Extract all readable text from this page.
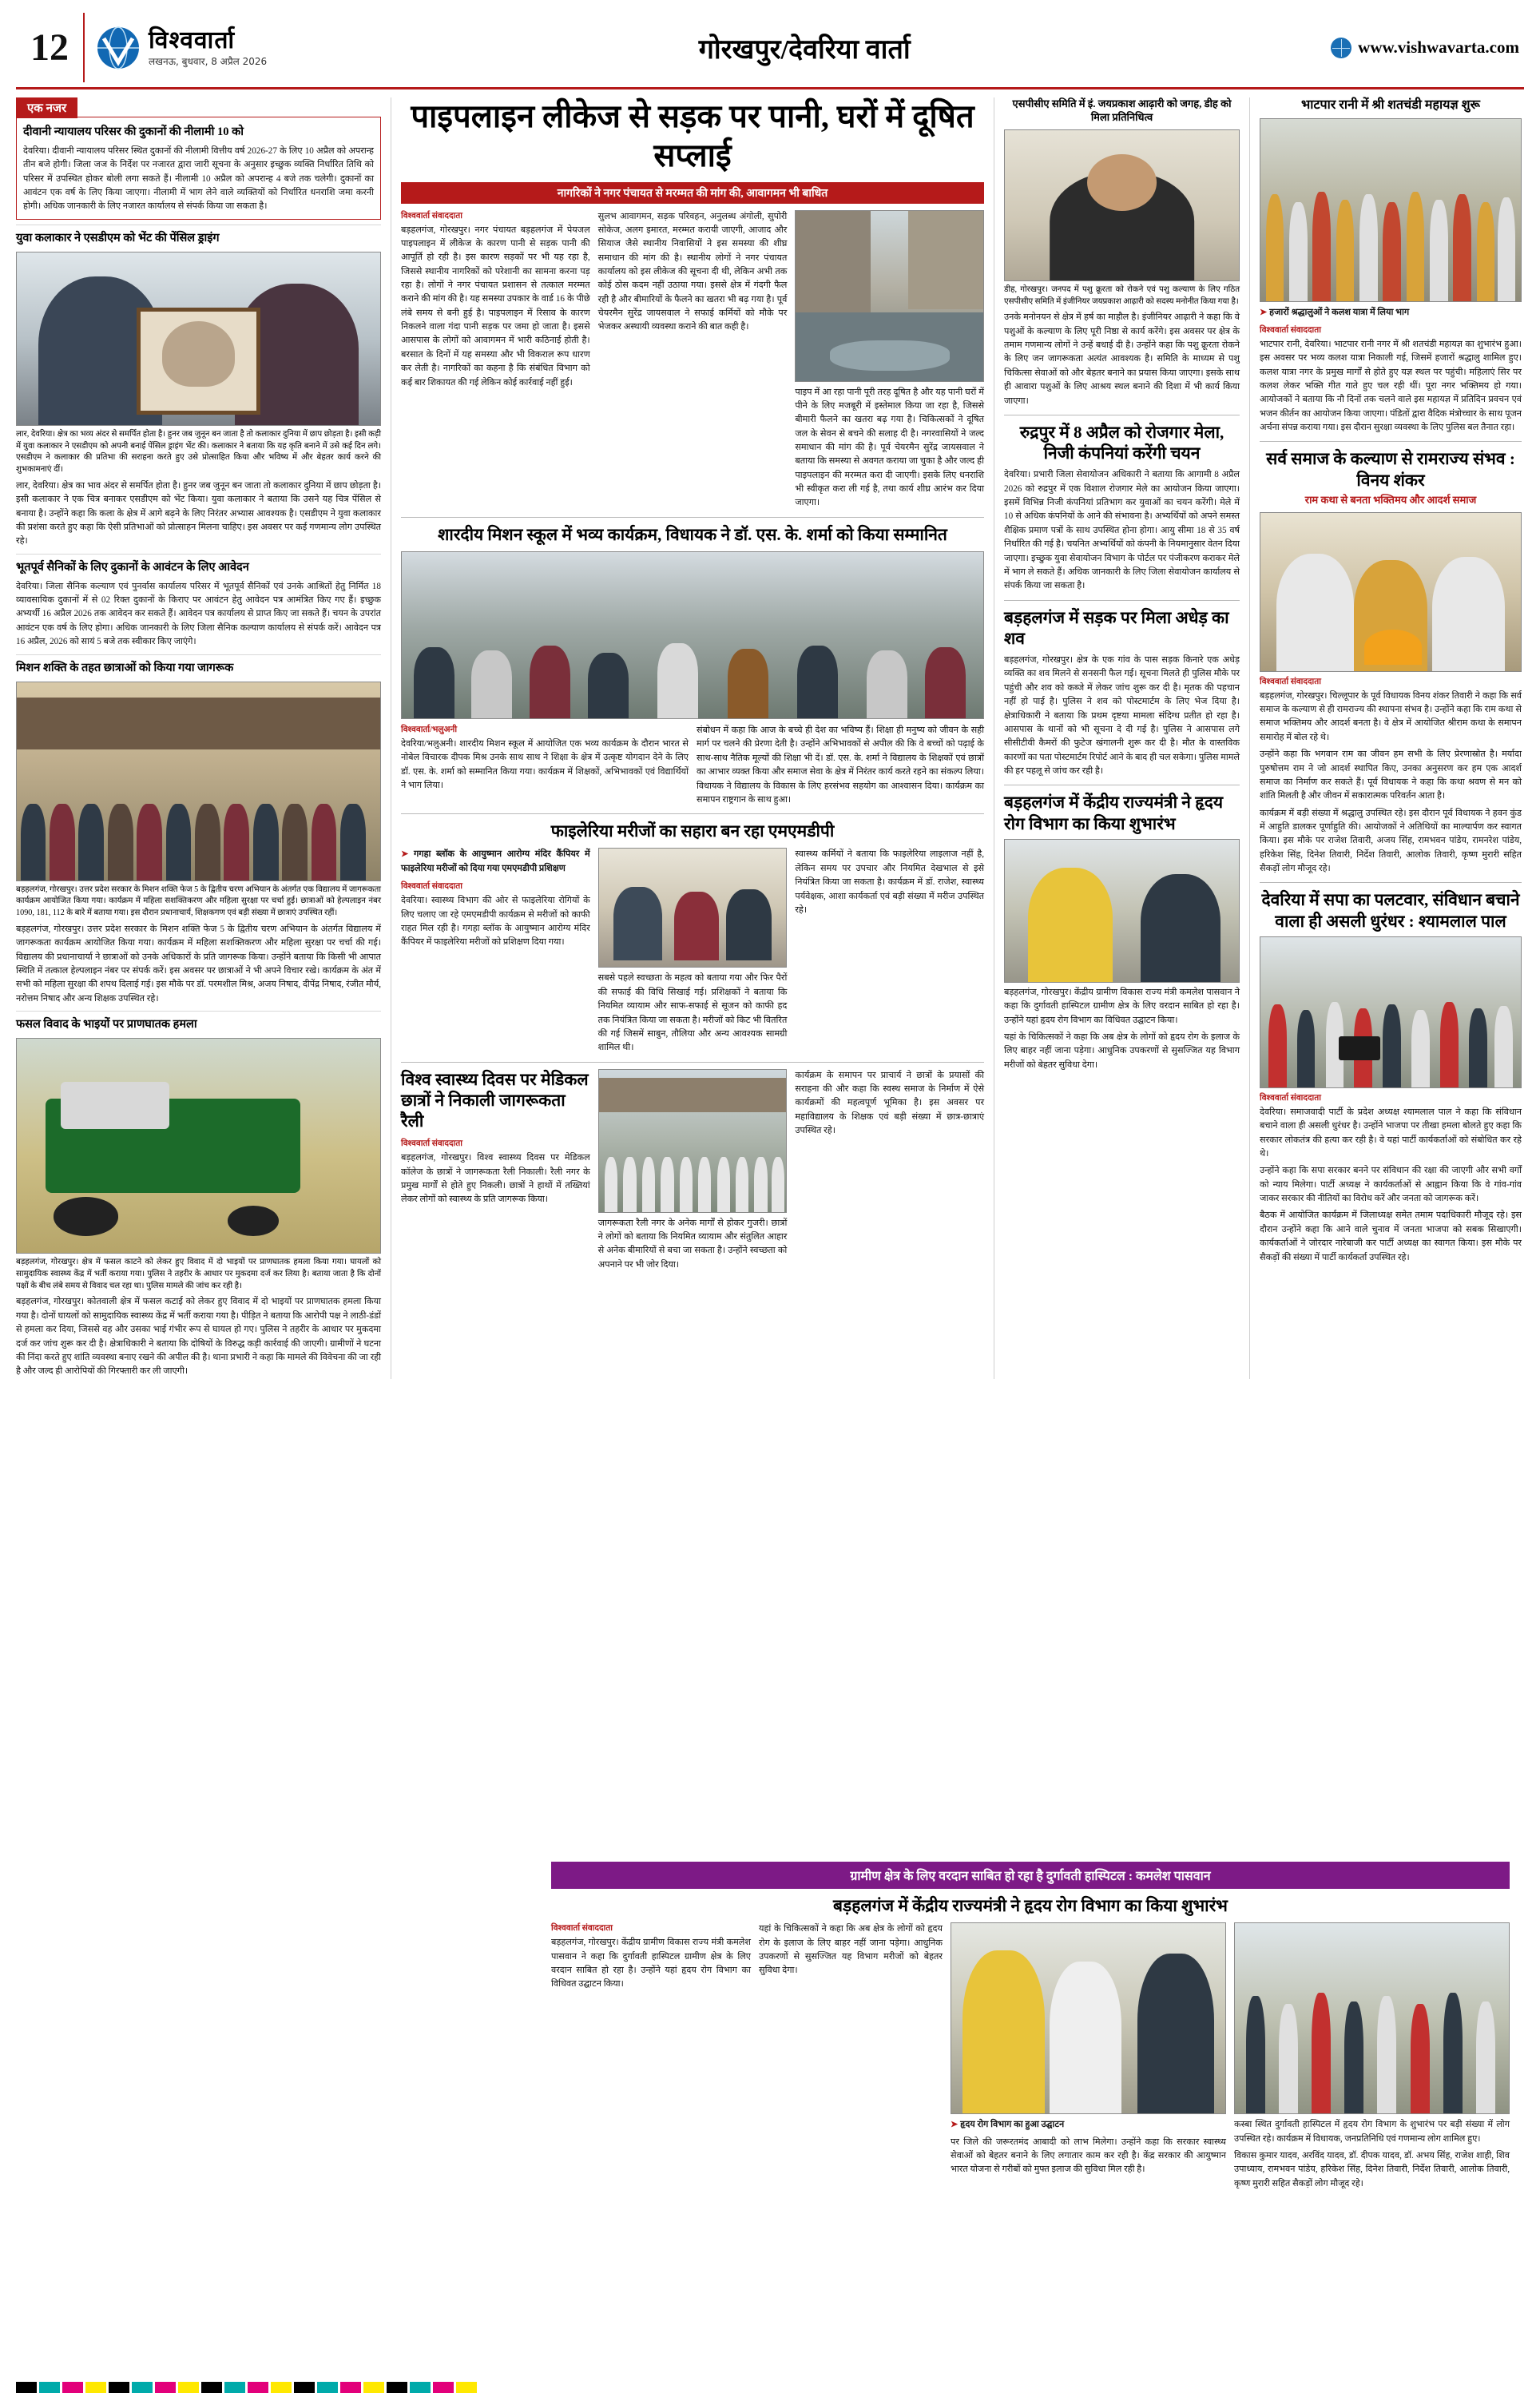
12	विश्ववार्ता
लखनऊ, बुधवार, 8 अप्रैल 2026	गोरखपुर/देवरिया वार्ता	www.vishwavarta.com
एक नजर
दीवानी न्यायालय परिसर की दुकानों की नीलामी 10 को
देवरिया। दीवानी न्यायालय परिसर स्थित दुकानों की नीलामी वित्तीय वर्ष 2026-27 के लिए 10 अप्रैल को अपरान्ह तीन बजे होगी। जिला जज के निर्देश पर नजारत द्वारा जारी सूचना के अनुसार इच्छुक व्यक्ति निर्धारित तिथि को परिसर में उपस्थित होकर बोली लगा सकते हैं। नीलामी 10 अप्रैल को अपरान्ह 4 बजे तक चलेगी। दुकानों का आवंटन एक वर्ष के लिए किया जाएगा। नीलामी में भाग लेने वाले व्यक्तियों को निर्धारित धनराशि जमा करनी होगी। अधिक जानकारी के लिए नजारत कार्यालय से संपर्क किया जा सकता है।
युवा कलाकार ने एसडीएम को भेंट की पेंसिल ड्राइंग
लार, देवरिया। क्षेत्र का भव्य अंदर से समर्पित होता है। हुनर जब जुनून बन जाता है तो कलाकार दुनिया में छाप छोड़ता है। इसी कड़ी में युवा कलाकार ने एसडीएम को अपनी बनाई पेंसिल ड्राइंग भेंट की। कलाकार ने बताया कि यह कृति बनाने में उसे कई दिन लगे। एसडीएम ने कलाकार की प्रतिभा की सराहना करते हुए उसे प्रोत्साहित किया और भविष्य में और बेहतर कार्य करने की शुभकामनाएं दीं।
लार, देवरिया। क्षेत्र का भाव अंदर से समर्पित होता है। हुनर जब जुनून बन जाता तो कलाकार दुनिया में छाप छोड़ता है। इसी कलाकार ने एक चित्र बनाकर एसडीएम को भेंट किया। युवा कलाकार ने बताया कि उसने यह चित्र पेंसिल से बनाया है। उन्होंने कहा कि कला के क्षेत्र में आगे बढ़ने के लिए निरंतर अभ्यास आवश्यक है। एसडीएम ने युवा कलाकार की प्रशंसा करते हुए कहा कि ऐसी प्रतिभाओं को प्रोत्साहन मिलना चाहिए। इस अवसर पर कई गणमान्य लोग उपस्थित रहे।
भूतपूर्व सैनिकों के लिए दुकानों के आवंटन के लिए आवेदन
देवरिया। जिला सैनिक कल्याण एवं पुनर्वास कार्यालय परिसर में भूतपूर्व सैनिकों एवं उनके आश्रितों हेतु निर्मित 18 व्यावसायिक दुकानों में से 02 रिक्त दुकानों के किराए पर आवंटन हेतु आवेदन पत्र आमंत्रित किए गए हैं। इच्छुक अभ्यर्थी 16 अप्रैल 2026 तक आवेदन कर सकते हैं। आवेदन पत्र कार्यालय से प्राप्त किए जा सकते हैं। चयन के उपरांत आवंटन एक वर्ष के लिए होगा। अधिक जानकारी के लिए जिला सैनिक कल्याण कार्यालय से संपर्क करें। आवेदन पत्र 16 अप्रैल, 2026 को सायं 5 बजे तक स्वीकार किए जाएंगे।
मिशन शक्ति के तहत छात्राओं को किया गया जागरूक
बड़हलगंज, गोरखपुर। उत्तर प्रदेश सरकार के मिशन शक्ति फेज 5 के द्वितीय चरण अभियान के अंतर्गत एक विद्यालय में जागरूकता कार्यक्रम आयोजित किया गया। कार्यक्रम में महिला सशक्तिकरण और महिला सुरक्षा पर चर्चा हुई। छात्राओं को हेल्पलाइन नंबर 1090, 181, 112 के बारे में बताया गया। इस दौरान प्रधानाचार्य, शिक्षकगण एवं बड़ी संख्या में छात्राएं उपस्थित रहीं।
बड़हलगंज, गोरखपुर। उत्तर प्रदेश सरकार के मिशन शक्ति फेज 5 के द्वितीय चरण अभियान के अंतर्गत विद्यालय में जागरूकता कार्यक्रम आयोजित किया गया। कार्यक्रम में महिला सशक्तिकरण और महिला सुरक्षा पर चर्चा की गई। विद्यालय की प्रधानाचार्या ने छात्राओं को उनके अधिकारों के प्रति जागरूक किया। उन्होंने बताया कि किसी भी आपात स्थिति में तत्काल हेल्पलाइन नंबर पर संपर्क करें। इस अवसर पर छात्राओं ने भी अपने विचार रखे। कार्यक्रम के अंत में सभी को महिला सुरक्षा की शपथ दिलाई गई। इस मौके पर डॉ. परमशील मिश्र, अजय निषाद, दीपेंद्र निषाद, रंजीत मौर्य, नरोत्तम निषाद और अन्य शिक्षक उपस्थित रहे।
फसल विवाद के भाइयों पर प्राणघातक हमला
बड़हलगंज, गोरखपुर। क्षेत्र में फसल काटने को लेकर हुए विवाद में दो भाइयों पर प्राणघातक हमला किया गया। घायलों को सामुदायिक स्वास्थ्य केंद्र में भर्ती कराया गया। पुलिस ने तहरीर के आधार पर मुकदमा दर्ज कर लिया है। बताया जाता है कि दोनों पक्षों के बीच लंबे समय से विवाद चल रहा था। पुलिस मामले की जांच कर रही है।
बड़हलगंज, गोरखपुर। कोतवाली क्षेत्र में फसल कटाई को लेकर हुए विवाद में दो भाइयों पर प्राणघातक हमला किया गया है। दोनों घायलों को सामुदायिक स्वास्थ्य केंद्र में भर्ती कराया गया है। पीड़ित ने बताया कि आरोपी पक्ष ने लाठी-डंडों से हमला कर दिया, जिससे वह और उसका भाई गंभीर रूप से घायल हो गए। पुलिस ने तहरीर के आधार पर मुकदमा दर्ज कर जांच शुरू कर दी है। क्षेत्राधिकारी ने बताया कि दोषियों के विरुद्ध कड़ी कार्रवाई की जाएगी। ग्रामीणों ने घटना की निंदा करते हुए शांति व्यवस्था बनाए रखने की अपील की है। थाना प्रभारी ने कहा कि मामले की विवेचना की जा रही है और जल्द ही आरोपियों की गिरफ्तारी कर ली जाएगी।
पाइपलाइन लीकेज से सड़क पर पानी, घरों में दूषित सप्लाई
नागरिकों ने नगर पंचायत से मरम्मत की मांग की, आवागमन भी बाधित
विश्ववार्ता संवाददाता
बड़हलगंज, गोरखपुर। नगर पंचायत बड़हलगंज में पेयजल पाइपलाइन में लीकेज के कारण पानी से सड़क पानी की आपूर्ति हो रही है। इस कारण सड़कों पर भी यह रहा है, जिससे स्थानीय नागरिकों को परेशानी का सामना करना पड़ रहा है। लोगों ने नगर पंचायत प्रशासन से तत्काल मरम्मत कराने की मांग की है। यह समस्या उपकार के वार्ड 16 के पीछे लंबे समय से बनी हुई है। पाइपलाइन में रिसाव के कारण निकलने वाला गंदा पानी सड़क पर जमा हो जाता है। इससे आसपास के लोगों को आवागमन में भारी कठिनाई होती है। बरसात के दिनों में यह समस्या और भी विकराल रूप धारण कर लेती है। नागरिकों का कहना है कि संबंधित विभाग को कई बार शिकायत की गई लेकिन कोई कार्रवाई नहीं हुई।
सुलभ आवागमन, सड़क परिवहन, अनुलब्ध अंगोली, सुपोरी सोकेज, अलग इमारत, मरम्मत करायी जाएगी, आजाद और सियाज जैसे स्थानीय निवासियों ने इस समस्या की शीघ्र समाधान की मांग की है। स्थानीय लोगों ने नगर पंचायत कार्यालय को इस लीकेज की सूचना दी थी, लेकिन अभी तक कोई ठोस कदम नहीं उठाया गया। इससे क्षेत्र में गंदगी फैल रही है और बीमारियों के फैलने का खतरा भी बढ़ गया है। पूर्व चेयरमैन सुरेंद्र जायसवाल ने सफाई कर्मियों को मौके पर भेजकर अस्थायी व्यवस्था कराने की बात कही है।
पाइप में आ रहा पानी पूरी तरह दूषित है और यह पानी घरों में पीने के लिए मजबूरी में इस्तेमाल किया जा रहा है, जिससे बीमारी फैलने का खतरा बढ़ गया है। चिकित्सकों ने दूषित जल के सेवन से बचने की सलाह दी है। नगरवासियों ने जल्द समाधान की मांग की है। पूर्व चेयरमैन सुरेंद्र जायसवाल ने बताया कि समस्या से अवगत कराया जा चुका है और जल्द ही पाइपलाइन की मरम्मत करा दी जाएगी। इसके लिए धनराशि भी स्वीकृत करा ली गई है, तथा कार्य शीघ्र आरंभ कर दिया जाएगा।
शारदीय मिशन स्कूल में भव्य कार्यक्रम, विधायक ने डॉ. एस. के. शर्मा को किया सम्मानित
विश्ववार्ता/भलुअनी
देवरिया/भलुअनी। शारदीय मिशन स्कूल में आयोजित एक भव्य कार्यक्रम के दौरान भारत से नोबेल विचारक दीपक मिश्र उनके साथ साथ ने शिक्षा के क्षेत्र में उत्कृष्ट योगदान देने के लिए डॉ. एस. के. शर्मा को सम्मानित किया गया। कार्यक्रम में शिक्षकों, अभिभावकों एवं विद्यार्थियों ने भाग लिया।
संबोधन में कहा कि आज के बच्चे ही देश का भविष्य हैं। शिक्षा ही मनुष्य को जीवन के सही मार्ग पर चलने की प्रेरणा देती है। उन्होंने अभिभावकों से अपील की कि वे बच्चों को पढ़ाई के साथ-साथ नैतिक मूल्यों की शिक्षा भी दें। डॉ. एस. के. शर्मा ने विद्यालय के शिक्षकों एवं छात्रों का आभार व्यक्त किया और समाज सेवा के क्षेत्र में निरंतर कार्य करते रहने का संकल्प लिया। विधायक ने विद्यालय के विकास के लिए हरसंभव सहयोग का आश्वासन दिया। कार्यक्रम का समापन राष्ट्रगान के साथ हुआ।
फाइलेरिया मरीजों का सहारा बन रहा एमएमडीपी
➤ गगहा ब्लॉक के आयुष्मान आरोग्य मंदिर कैंपियर में फाइलेरिया मरीजों को दिया गया एमएमडीपी प्रशिक्षण
विश्ववार्ता संवाददाता
देवरिया। स्वास्थ्य विभाग की ओर से फाइलेरिया रोगियों के लिए चलाए जा रहे एमएमडीपी कार्यक्रम से मरीजों को काफी राहत मिल रही है। गगहा ब्लॉक के आयुष्मान आरोग्य मंदिर कैंपियर में फाइलेरिया मरीजों को प्रशिक्षण दिया गया।
सबसे पहले स्वच्छता के महत्व को बताया गया और फिर पैरों की सफाई की विधि सिखाई गई। प्रशिक्षकों ने बताया कि नियमित व्यायाम और साफ-सफाई से सूजन को काफी हद तक नियंत्रित किया जा सकता है। मरीजों को किट भी वितरित की गई जिसमें साबुन, तौलिया और अन्य आवश्यक सामग्री शामिल थी।
स्वास्थ्य कर्मियों ने बताया कि फाइलेरिया लाइलाज नहीं है, लेकिन समय पर उपचार और नियमित देखभाल से इसे नियंत्रित किया जा सकता है। कार्यक्रम में डॉ. राजेश, स्वास्थ्य पर्यवेक्षक, आशा कार्यकर्ता एवं बड़ी संख्या में मरीज उपस्थित रहे।
विश्व स्वास्थ्य दिवस पर मेडिकल छात्रों ने निकाली जागरूकता रैली
विश्ववार्ता संवाददाता
बड़हलगंज, गोरखपुर। विश्व स्वास्थ्य दिवस पर मेडिकल कॉलेज के छात्रों ने जागरूकता रैली निकाली। रैली नगर के प्रमुख मार्गों से होते हुए निकली। छात्रों ने हाथों में तख्तियां लेकर लोगों को स्वास्थ्य के प्रति जागरूक किया।
जागरूकता रैली नगर के अनेक मार्गों से होकर गुजरी। छात्रों ने लोगों को बताया कि नियमित व्यायाम और संतुलित आहार से अनेक बीमारियों से बचा जा सकता है। उन्होंने स्वच्छता को अपनाने पर भी जोर दिया।
कार्यक्रम के समापन पर प्राचार्य ने छात्रों के प्रयासों की सराहना की और कहा कि स्वस्थ समाज के निर्माण में ऐसे कार्यक्रमों की महत्वपूर्ण भूमिका है। इस अवसर पर महाविद्यालय के शिक्षक एवं बड़ी संख्या में छात्र-छात्राएं उपस्थित रहे।
एसपीसीए समिति में इं. जयप्रकाश आढ़ारी को जगह, डीह को मिला प्रतिनिधित्व
डीह, गोरखपुर। जनपद में पशु क्रूरता को रोकने एवं पशु कल्याण के लिए गठित एसपीसीए समिति में इंजीनियर जयप्रकाश आढ़ारी को सदस्य मनोनीत किया गया है।
उनके मनोनयन से क्षेत्र में हर्ष का माहौल है। इंजीनियर आढ़ारी ने कहा कि वे पशुओं के कल्याण के लिए पूरी निष्ठा से कार्य करेंगे। इस अवसर पर क्षेत्र के तमाम गणमान्य लोगों ने उन्हें बधाई दी है। उन्होंने कहा कि पशु क्रूरता रोकने के लिए जन जागरूकता अत्यंत आवश्यक है। समिति के माध्यम से पशु चिकित्सा सेवाओं को और बेहतर बनाने का प्रयास किया जाएगा। इसके साथ ही आवारा पशुओं के लिए आश्रय स्थल बनाने की दिशा में भी कार्य किया जाएगा।
रुद्रपुर में 8 अप्रैल को रोजगार मेला, निजी कंपनियां करेंगी चयन
देवरिया। प्रभारी जिला सेवायोजन अधिकारी ने बताया कि आगामी 8 अप्रैल 2026 को रुद्रपुर में एक विशाल रोजगार मेले का आयोजन किया जाएगा। इसमें विभिन्न निजी कंपनियां प्रतिभाग कर युवाओं का चयन करेंगी। मेले में 10 से अधिक कंपनियों के आने की संभावना है। अभ्यर्थियों को अपने समस्त शैक्षिक प्रमाण पत्रों के साथ उपस्थित होना होगा। आयु सीमा 18 से 35 वर्ष निर्धारित की गई है। चयनित अभ्यर्थियों को कंपनी के नियमानुसार वेतन दिया जाएगा। इच्छुक युवा सेवायोजन विभाग के पोर्टल पर पंजीकरण कराकर मेले में भाग ले सकते हैं। अधिक जानकारी के लिए जिला सेवायोजन कार्यालय से संपर्क किया जा सकता है।
बड़हलगंज में सड़क पर मिला अधेड़ का शव
बड़हलगंज, गोरखपुर। क्षेत्र के एक गांव के पास सड़क किनारे एक अधेड़ व्यक्ति का शव मिलने से सनसनी फैल गई। सूचना मिलते ही पुलिस मौके पर पहुंची और शव को कब्जे में लेकर जांच शुरू कर दी है। मृतक की पहचान नहीं हो पाई है। पुलिस ने शव को पोस्टमार्टम के लिए भेज दिया है। क्षेत्राधिकारी ने बताया कि प्रथम दृष्टया मामला संदिग्ध प्रतीत हो रहा है। आसपास के थानों को भी सूचना दे दी गई है। पुलिस ने आसपास लगे सीसीटीवी कैमरों की फुटेज खंगालनी शुरू कर दी है। मौत के वास्तविक कारणों का पता पोस्टमार्टम रिपोर्ट आने के बाद ही चल सकेगा। पुलिस मामले की हर पहलू से जांच कर रही है।
बड़हलगंज में केंद्रीय राज्यमंत्री ने हृदय रोग विभाग का किया शुभारंभ
बड़हलगंज, गोरखपुर। केंद्रीय ग्रामीण विकास राज्य मंत्री कमलेश पासवान ने कहा कि दुर्गावती हास्पिटल ग्रामीण क्षेत्र के लिए वरदान साबित हो रहा है। उन्होंने यहां हृदय रोग विभाग का विधिवत उद्घाटन किया।
यहां के चिकित्सकों ने कहा कि अब क्षेत्र के लोगों को हृदय रोग के इलाज के लिए बाहर नहीं जाना पड़ेगा। आधुनिक उपकरणों से सुसज्जित यह विभाग मरीजों को बेहतर सुविधा देगा।
भाटपार रानी में श्री शतचंडी महायज्ञ शुरू
➤ हजारों श्रद्धालुओं ने कलश यात्रा में लिया भाग
विश्ववार्ता संवाददाता
भाटपार रानी, देवरिया। भाटपार रानी नगर में श्री शतचंडी महायज्ञ का शुभारंभ हुआ। इस अवसर पर भव्य कलश यात्रा निकाली गई, जिसमें हजारों श्रद्धालु शामिल हुए। कलश यात्रा नगर के प्रमुख मार्गों से होते हुए यज्ञ स्थल पर पहुंची। महिलाएं सिर पर कलश लेकर भक्ति गीत गाते हुए चल रही थीं। पूरा नगर भक्तिमय हो गया। आयोजकों ने बताया कि नौ दिनों तक चलने वाले इस महायज्ञ में प्रतिदिन प्रवचन एवं भजन कीर्तन का आयोजन किया जाएगा। पंडितों द्वारा वैदिक मंत्रोच्चार के साथ पूजन अर्चना संपन्न कराया गया। इस दौरान सुरक्षा व्यवस्था के लिए पुलिस बल तैनात रहा।
सर्व समाज के कल्याण से रामराज्य संभव : विनय शंकर
राम कथा से बनता भक्तिमय और आदर्श समाज
विश्ववार्ता संवाददाता
बड़हलगंज, गोरखपुर। चिल्लूपार के पूर्व विधायक विनय शंकर तिवारी ने कहा कि सर्व समाज के कल्याण से ही रामराज्य की स्थापना संभव है। उन्होंने कहा कि राम कथा से समाज भक्तिमय और आदर्श बनता है। वे क्षेत्र में आयोजित श्रीराम कथा के समापन समारोह में बोल रहे थे।
उन्होंने कहा कि भगवान राम का जीवन हम सभी के लिए प्रेरणास्रोत है। मर्यादा पुरुषोत्तम राम ने जो आदर्श स्थापित किए, उनका अनुसरण कर हम एक आदर्श समाज का निर्माण कर सकते हैं। पूर्व विधायक ने कहा कि कथा श्रवण से मन को शांति मिलती है और जीवन में सकारात्मक परिवर्तन आता है।
कार्यक्रम में बड़ी संख्या में श्रद्धालु उपस्थित रहे। इस दौरान पूर्व विधायक ने हवन कुंड में आहुति डालकर पूर्णाहुति की। आयोजकों ने अतिथियों का माल्यार्पण कर स्वागत किया। इस मौके पर राजेश तिवारी, अजय सिंह, रामभवन पांडेय, रामनरेश पांडेय, हरिकेश सिंह, दिनेश तिवारी, निर्देश तिवारी, आलोक तिवारी, कृष्ण मुरारी सहित सैकड़ों लोग मौजूद रहे।
देवरिया में सपा का पलटवार, संविधान बचाने वाला ही असली धुरंधर : श्यामलाल पाल
विश्ववार्ता संवाददाता
देवरिया। समाजवादी पार्टी के प्रदेश अध्यक्ष श्यामलाल पाल ने कहा कि संविधान बचाने वाला ही असली धुरंधर है। उन्होंने भाजपा पर तीखा हमला बोलते हुए कहा कि सरकार लोकतंत्र की हत्या कर रही है। वे यहां पार्टी कार्यकर्ताओं को संबोधित कर रहे थे।
उन्होंने कहा कि सपा सरकार बनने पर संविधान की रक्षा की जाएगी और सभी वर्गों को न्याय मिलेगा। पार्टी अध्यक्ष ने कार्यकर्ताओं से आह्वान किया कि वे गांव-गांव जाकर सरकार की नीतियों का विरोध करें और जनता को जागरूक करें।
बैठक में आयोजित कार्यक्रम में जिलाध्यक्ष समेत तमाम पदाधिकारी मौजूद रहे। इस दौरान उन्होंने कहा कि आने वाले चुनाव में जनता भाजपा को सबक सिखाएगी। कार्यकर्ताओं ने जोरदार नारेबाजी कर पार्टी अध्यक्ष का स्वागत किया। इस मौके पर सैकड़ों की संख्या में पार्टी कार्यकर्ता उपस्थित रहे।
ग्रामीण क्षेत्र के लिए वरदान साबित हो रहा है दुर्गावती हास्पिटल : कमलेश पासवान
बड़हलगंज में केंद्रीय राज्यमंत्री ने हृदय रोग विभाग का किया शुभारंभ
विश्ववार्ता संवाददाता
बड़हलगंज, गोरखपुर। केंद्रीय ग्रामीण विकास राज्य मंत्री कमलेश पासवान ने कहा कि दुर्गावती हास्पिटल ग्रामीण क्षेत्र के लिए वरदान साबित हो रहा है। उन्होंने यहां हृदय रोग विभाग का विधिवत उद्घाटन किया।
यहां के चिकित्सकों ने कहा कि अब क्षेत्र के लोगों को हृदय रोग के इलाज के लिए बाहर नहीं जाना पड़ेगा। आधुनिक उपकरणों से सुसज्जित यह विभाग मरीजों को बेहतर सुविधा देगा।
➤ हृदय रोग विभाग का हुआ उद्घाटन
पर जिले की जरूरतमंद आबादी को लाभ मिलेगा। उन्होंने कहा कि सरकार स्वास्थ्य सेवाओं को बेहतर बनाने के लिए लगातार काम कर रही है। केंद्र सरकार की आयुष्मान भारत योजना से गरीबों को मुफ्त इलाज की सुविधा मिल रही है।
कस्बा स्थित दुर्गावती हास्पिटल में हृदय रोग विभाग के शुभारंभ पर बड़ी संख्या में लोग उपस्थित रहे। कार्यक्रम में विधायक, जनप्रतिनिधि एवं गणमान्य लोग शामिल हुए।
विकास कुमार यादव, अरविंद यादव, डॉ. दीपक यादव, डॉ. अभय सिंह, राजेश शाही, शिव उपाध्याय, रामभवन पांडेय, हरिकेश सिंह, दिनेश तिवारी, निर्देश तिवारी, आलोक तिवारी, कृष्ण मुरारी सहित सैकड़ों लोग मौजूद रहे।
